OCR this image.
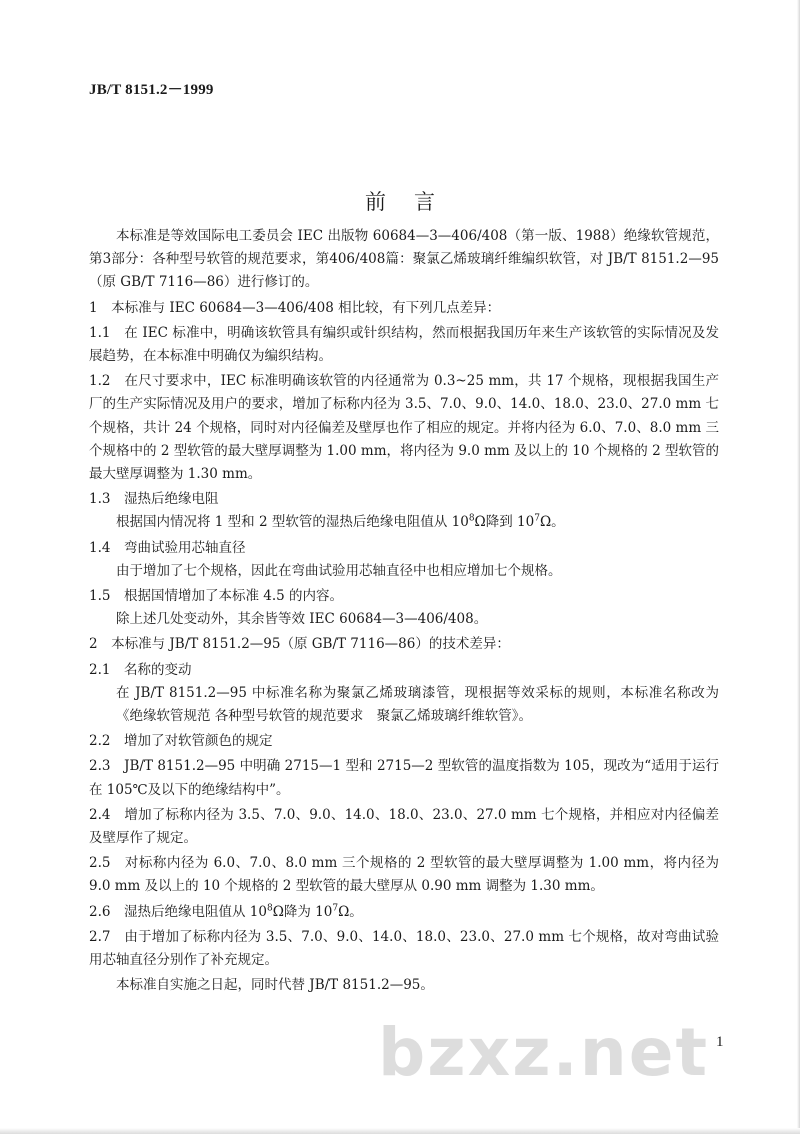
JB/T 8151.2－1999
前言

本标准是等效国际电工委员会 IEC 出版物 60684—3—406/408（第一版、1988）绝缘软管规范，第3部分：各种型号软管的规范要求，第406/408篇：聚氯乙烯玻璃纤维编织软管，对 JB/T 8151.2—95（原 GB/T 7116—86）进行修订的。

1　本标准与 IEC 60684—3—406/408 相比较，有下列几点差异：

1.1　在 IEC 标准中，明确该软管具有编织或针织结构，然而根据我国历年来生产该软管的实际情况及发展趋势，在本标准中明确仅为编织结构。

1.2　在尺寸要求中，IEC 标准明确该软管的内径通常为 0.3~25 mm，共 17 个规格，现根据我国生产厂的生产实际情况及用户的要求，增加了标称内径为 3.5、7.0、9.0、14.0、18.0、23.0、27.0 mm 七个规格，共计 24 个规格，同时对内径偏差及壁厚也作了相应的规定。并将内径为 6.0、7.0、8.0 mm 三个规格中的 2 型软管的最大壁厚调整为 1.00 mm，将内径为 9.0 mm 及以上的 10 个规格的 2 型软管的最大壁厚调整为 1.30 mm。

1.3　湿热后绝缘电阻

根据国内情况将 1 型和 2 型软管的湿热后绝缘电阻值从 $10^8\Omega$降到 $10^7\Omega$。

1.4　弯曲试验用芯轴直径

由于增加了七个规格，因此在弯曲试验用芯轴直径中也相应增加七个规格。

1.5　根据国情增加了本标准 4.5 的内容。

除上述几处变动外，其余皆等效 IEC 60684—3—406/408。

2　本标准与 JB/T 8151.2—95（原 GB/T 7116—86）的技术差异：

2.1　名称的变动

在 JB/T 8151.2—95 中标准名称为聚氯乙烯玻璃漆管，现根据等效采标的规则，本标准名称改为《绝缘软管规范 各种型号软管的规范要求　聚氯乙烯玻璃纤维软管》。

2.2　增加了对软管颜色的规定

2.3　JB/T 8151.2—95 中明确 2715—1 型和 2715—2 型软管的温度指数为 105，现改为“适用于运行在 105℃及以下的绝缘结构中”。

2.4　增加了标称内径为 3.5、7.0、9.0、14.0、18.0、23.0、27.0 mm 七个规格，并相应对内径偏差及壁厚作了规定。

2.5　对标称内径为 6.0、7.0、8.0 mm 三个规格的 2 型软管的最大壁厚调整为 1.00 mm，将内径为 9.0 mm 及以上的 10 个规格的 2 型软管的最大壁厚从 0.90 mm 调整为 1.30 mm。

2.6　湿热后绝缘电阻值从 $10^8\Omega$降为 $10^7\Omega$。

2.7　由于增加了标称内径为 3.5、7.0、9.0、14.0、18.0、23.0、27.0 mm 七个规格，故对弯曲试验用芯轴直径分别作了补充规定。

本标准自实施之日起，同时代替 JB/T 8151.2—95。

bzxz.net 1
